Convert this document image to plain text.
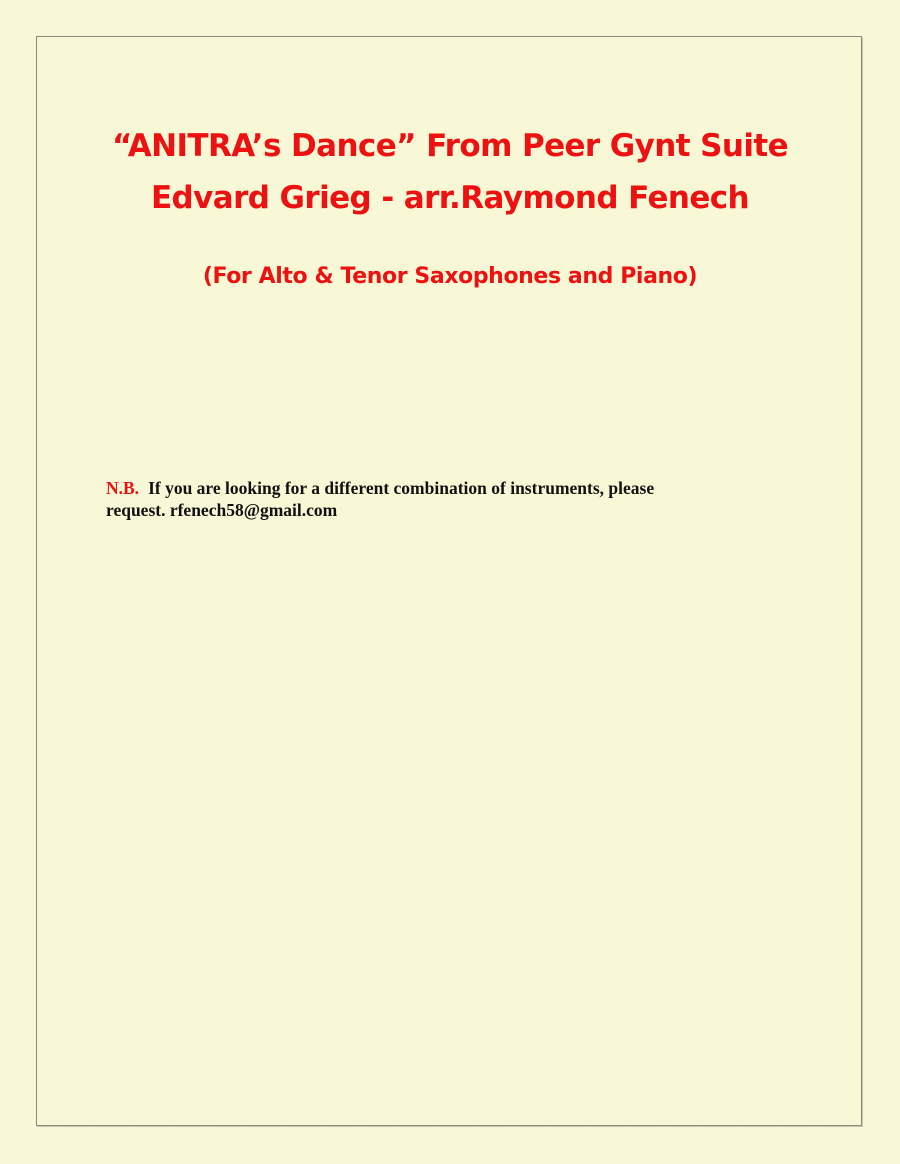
“ANITRA’s Dance” From Peer Gynt Suite
Edvard Grieg - arr.Raymond Fenech
(For Alto & Tenor Saxophones and Piano)
N.B. If you are looking for a different combination of instruments, please
request. rfenech58@gmail.com
